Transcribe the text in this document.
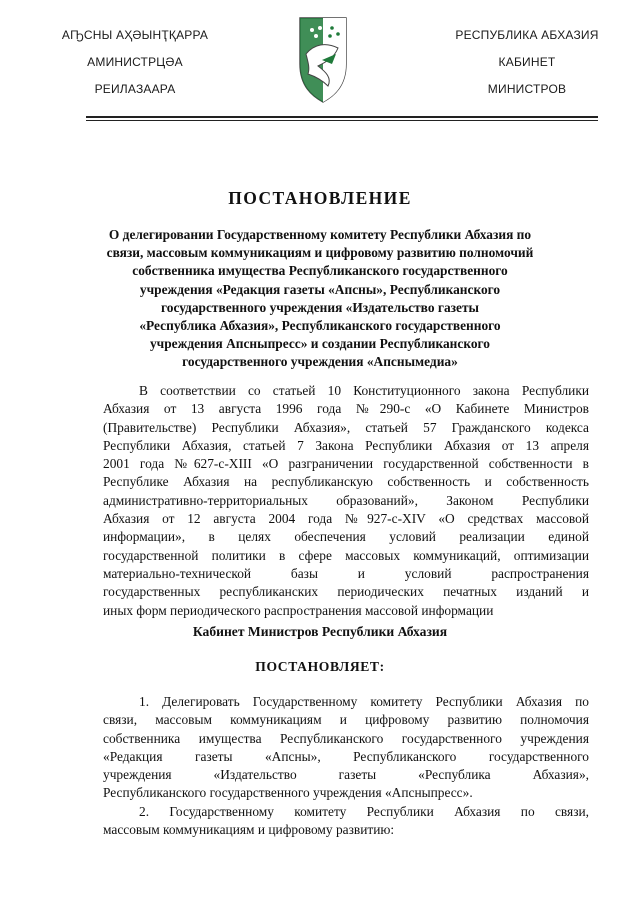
АҦСНЫ АҲӘЫНҬҚАРРА
АМИНИСТРЦӘА
РЕИЛАЗААРА
РЕСПУБЛИКА АБХАЗИЯ
КАБИНЕТ
МИНИСТРОВ
ПОСТАНОВЛЕНИЕ
О делегировании Государственному комитету Республики Абхазия по
связи, массовым коммуникациям и цифровому развитию полномочий
собственника имущества Республиканского государственного
учреждения «Редакция газеты «Апсны», Республиканского
государственного учреждения «Издательство газеты
«Республика Абхазия», Республиканского государственного
учреждения Апсныпресс» и создании Республиканского
государственного учреждения «Апснымедиа»
В соответствии со статьей 10 Конституционного закона Республики
Абхазия от 13 августа 1996 года №290-с «О Кабинете Министров
(Правительстве) Республики Абхазия», статьей 57 Гражданского кодекса
Республики Абхазия, статьей 7 Закона Республики Абхазия от 13 апреля
2001 года №627-с-XIII «О разграничении государственной собственности в
Республике Абхазия на республиканскую собственность и собственность
административно-территориальных образований», Законом Республики
Абхазия от 12 августа 2004 года №927-с-XIV «О средствах массовой
информации», в целях обеспечения условий реализации единой
государственной политики в сфере массовых коммуникаций, оптимизации
материально-технической базы и условий распространения
государственных республиканских периодических печатных изданий и
иных форм периодического распространения массовой информации
Кабинет Министров Республики Абхазия
ПОСТАНОВЛЯЕТ:
1. Делегировать Государственному комитету Республики Абхазия по
связи, массовым коммуникациям и цифровому развитию полномочия
собственника имущества Республиканского государственного учреждения
«Редакция газеты «Апсны», Республиканского государственного
учреждения «Издательство газеты «Республика Абхазия»,
Республиканского государственного учреждения «Апсныпресс».
2. Государственному комитету Республики Абхазия по связи,
массовым коммуникациям и цифровому развитию:
